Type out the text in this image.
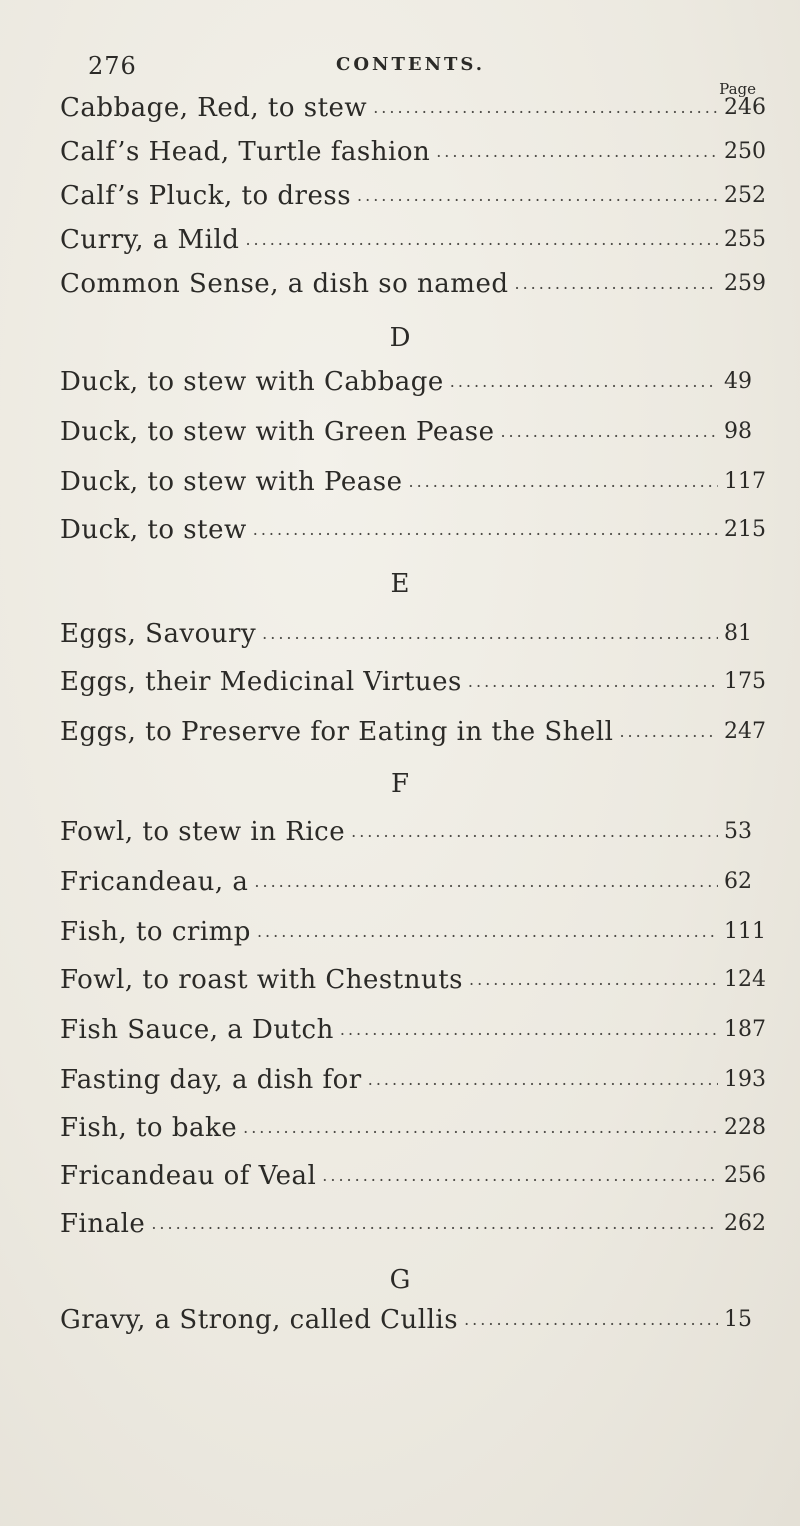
276	CONTENTS.
Page
Cabbage, Red, to stew .....	246
Calf’s Head, Turtle fashion .....	250
Calf’s Pluck, to dress .....	252
Curry, a Mild .....	255
Common Sense, a dish so named .....	259
D
Duck, to stew with Cabbage .....	49
Duck, to stew with Green Pease .....	98
Duck, to stew with Pease .....	117
Duck, to stew .....	215
E
Eggs, Savoury .....	81
Eggs, their Medicinal Virtues .....	175
Eggs, to Preserve for Eating in the Shell .....	247
F
Fowl, to stew in Rice .....	53
Fricandeau, a .....	62
Fish, to crimp .....	111
Fowl, to roast with Chestnuts .....	124
Fish Sauce, a Dutch .....	187
Fasting day, a dish for .....	193
Fish, to bake .....	228
Fricandeau of Veal .....	256
Finale .....	262
G
Gravy, a Strong, called Cullis .....	15
